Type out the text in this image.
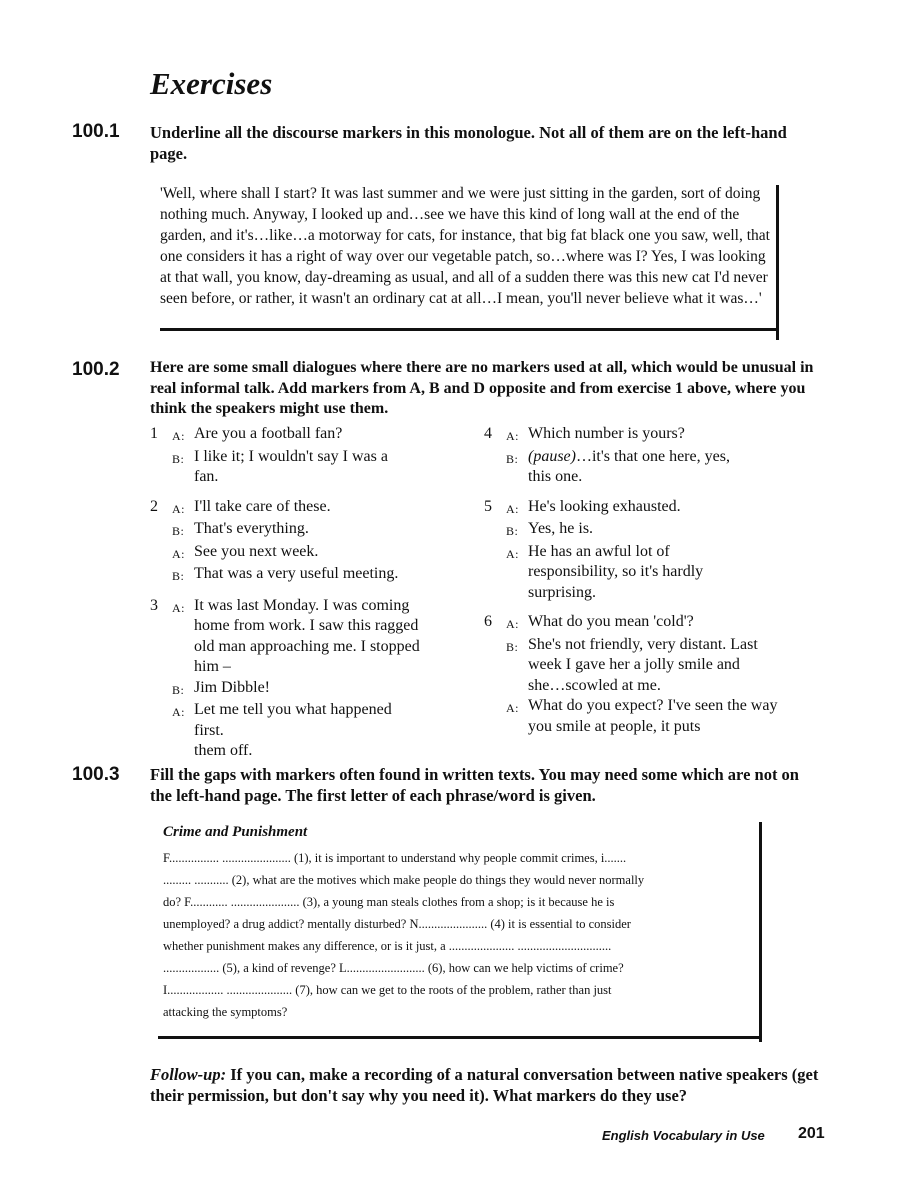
Exercises
100.1 Underline all the discourse markers in this monologue. Not all of them are on the left-hand page.
'Well, where shall I start? It was last summer and we were just sitting in the garden, sort of doing nothing much. Anyway, I looked up and…see we have this kind of long wall at the end of the garden, and it's…like…a motorway for cats, for instance, that big fat black one you saw, well, that one considers it has a right of way over our vegetable patch, so…where was I? Yes, I was looking at that wall, you know, day-dreaming as usual, and all of a sudden there was this new cat I'd never seen before, or rather, it wasn't an ordinary cat at all…I mean, you'll never believe what it was…'
100.2 Here are some small dialogues where there are no markers used at all, which would be unusual in real informal talk. Add markers from A, B and D opposite and from exercise 1 above, where you think the speakers might use them.
1	A: Are you a football fan?
B: I like it; I wouldn't say I was a fan.
2	A: I'll take care of these.
B: That's everything.
A: See you next week.
B: That was a very useful meeting.
3	A: It was last Monday. I was coming home from work. I saw this ragged old man approaching me. I stopped him –
B: Jim Dibble!
A: Let me tell you what happened first.
them off.
4	A: Which number is yours?
B: (pause)…it's that one here, yes, this one.
5	A: He's looking exhausted.
B: Yes, he is.
A: He has an awful lot of responsibility, so it's hardly surprising.
6	A: What do you mean 'cold'?
B: She's not friendly, very distant. Last week I gave her a jolly smile and she…scowled at me.
A: What do you expect? I've seen the way you smile at people, it puts
100.3 Fill the gaps with markers often found in written texts. You may need some which are not on the left-hand page. The first letter of each phrase/word is given.
Crime and Punishment
F................ ...................... (1), it is important to understand why people commit crimes, i.......
......... ........... (2), what are the motives which make people do things they would never normally
do? F............ ...................... (3), a young man steals clothes from a shop; is it because he is
unemployed? a drug addict? mentally disturbed? N...................... (4) it is essential to consider
whether punishment makes any difference, or is it just, a ..................... ..............................
.................. (5), a kind of revenge? L......................... (6), how can we help victims of crime?
I.................. ..................... (7), how can we get to the roots of the problem, rather than just
attacking the symptoms?
Follow-up: If you can, make a recording of a natural conversation between native speakers (get their permission, but don't say why you need it). What markers do they use?
English Vocabulary in Use 201
